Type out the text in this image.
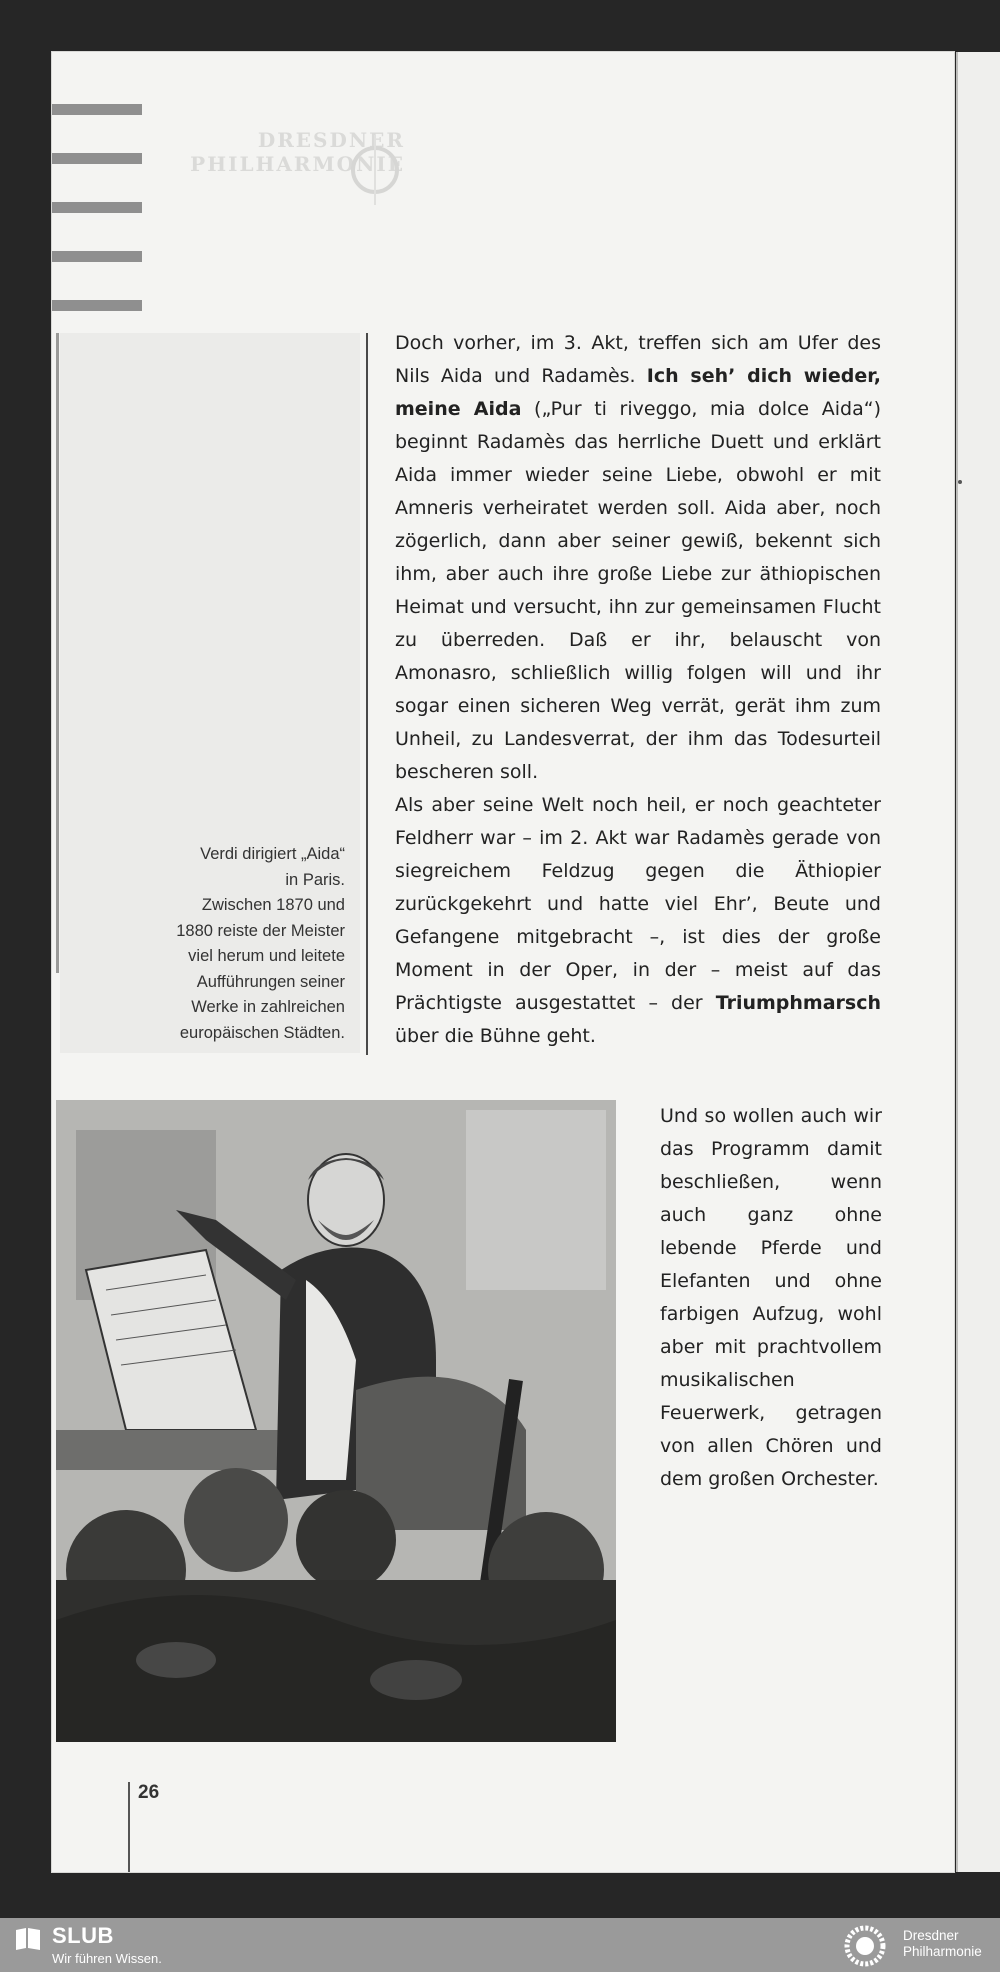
DRESDNER
PHILHARMONIE
Verdi dirigiert „Aida“
in Paris.
Zwischen 1870 und
1880 reiste der Meister
viel herum und leitete
Aufführungen seiner
Werke in zahlreichen
europäischen Städten.

Doch vorher, im 3. Akt, treffen sich am Ufer des Nils Aida und Radamès. Ich seh’ dich wieder, meine Aida („Pur ti riveggo, mia dolce Aida“) beginnt Radamès das herrliche Duett und erklärt Aida immer wieder seine Liebe, obwohl er mit Amneris verheiratet werden soll. Aida aber, noch zögerlich, dann aber seiner gewiß, bekennt sich ihm, aber auch ihre große Liebe zur äthiopischen Heimat und versucht, ihn zur gemeinsamen Flucht zu überreden. Daß er ihr, belauscht von Amonasro, schließlich willig folgen will und ihr sogar einen sicheren Weg verrät, gerät ihm zum Unheil, zu Landesverrat, der ihm das Todesurteil bescheren soll.

Als aber seine Welt noch heil, er noch geachteter Feldherr war – im 2. Akt war Radamès gerade von siegreichem Feldzug gegen die Äthiopier zurückgekehrt und hatte viel Ehr’, Beute und Gefangene mitgebracht –, ist dies der große Moment in der Oper, in der – meist auf das Prächtigste ausgestattet – der Triumphmarsch über die Bühne geht.

Und so wollen auch wir das Programm damit beschließen, wenn auch ganz ohne lebende Pferde und Elefanten und ohne farbigen Aufzug, wohl aber mit prachtvollem musikalischen Feuerwerk, getragen von allen Chören und dem großen Orchester.
26
SLUB
Wir führen Wissen.
Dresdner
Philharmonie
